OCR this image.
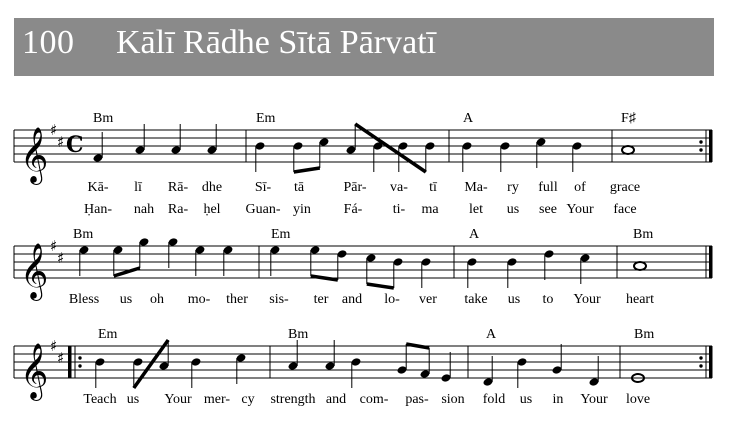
100 Kālī Rādhe Sītā Pārvatī
𝄞 ♯
♯ C
Bm	Em	A	F♯
Kā- lī Rā- dhe Sī- tā	Pār- va- tī Ma- ry full of grace
Ḥan- nah Ra- ḥel Guan- yin Fá- ti- ma let us see Your face
𝄞 ♯
♯
Bm	Em	A	Bm
Bless us oh mo- ther sis- ter and lo- ver take us to Your heart
𝄞 ♯
♯
Em	Bm	A	Bm
Teach us Your mer- cy strength and com- pas- sion fold us in Your love
